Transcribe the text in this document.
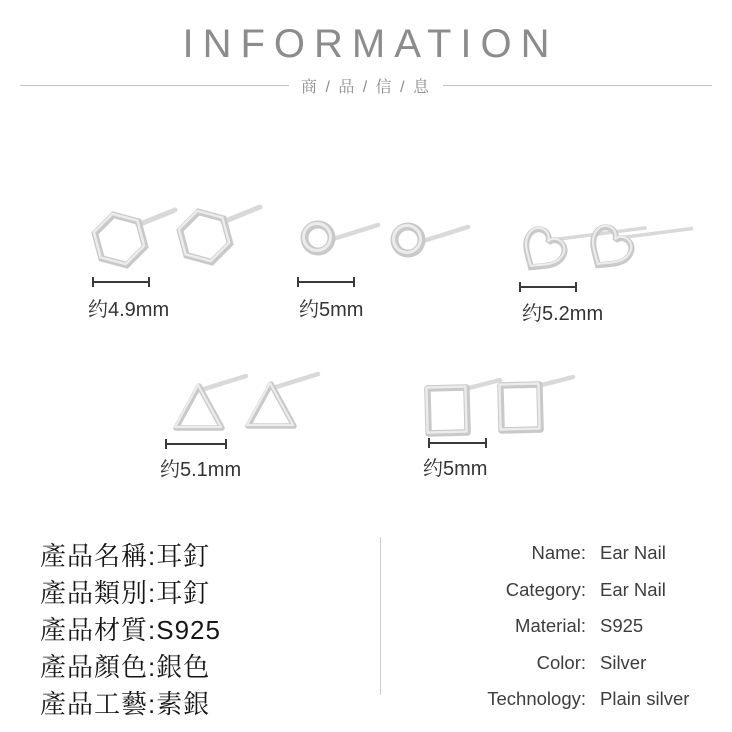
INFORMATION
商 / 品 / 信 / 息
约4.9mm	约5mm	约5.2mm
约5.1mm	约5mm
產品名稱:耳釘
產品類別:耳釘
產品材質:S925
產品顏色:銀色
產品工藝:素銀
Name: Ear Nail
Category: Ear Nail
Material: S925
Color: Silver
Technology: Plain silver
